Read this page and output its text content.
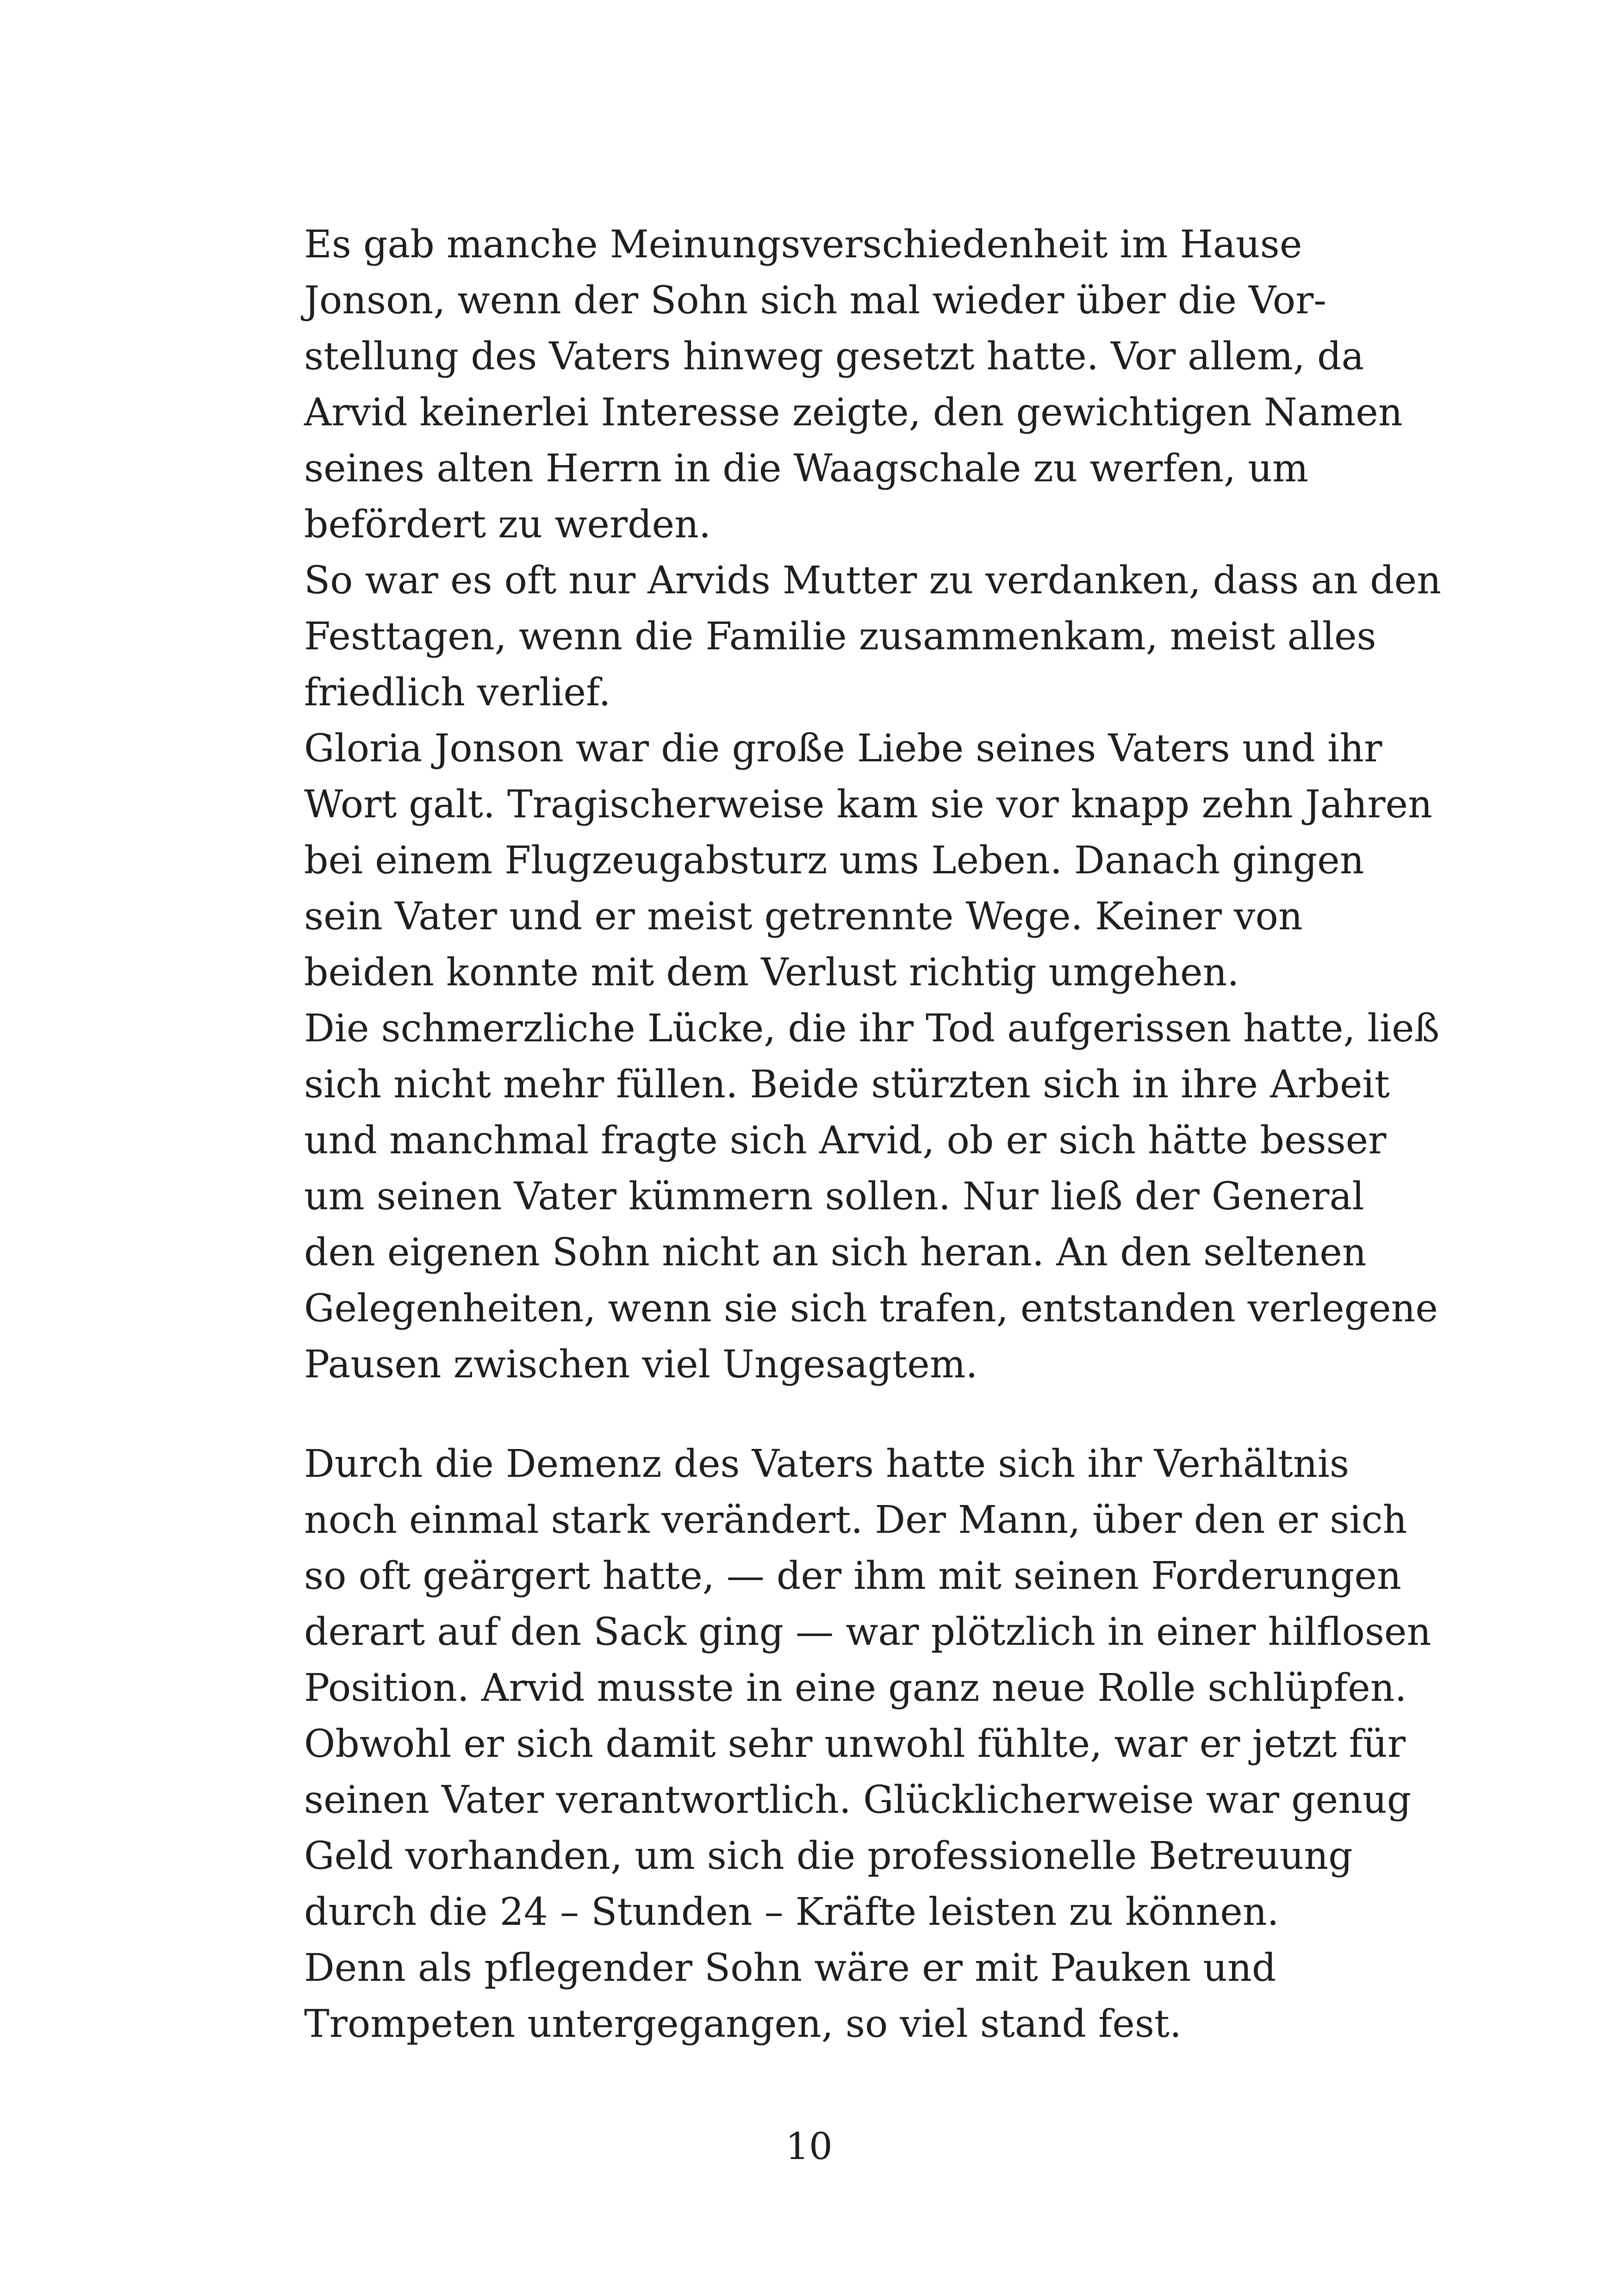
Es gab manche Meinungsverschiedenheit im Hause
Jonson, wenn der Sohn sich mal wieder über die Vor-
stellung des Vaters hinweg gesetzt hatte. Vor allem, da
Arvid keinerlei Interesse zeigte, den gewichtigen Namen
seines alten Herrn in die Waagschale zu werfen, um
befördert zu werden.
So war es oft nur Arvids Mutter zu verdanken, dass an den
Festtagen, wenn die Familie zusammenkam, meist alles
friedlich verlief.
Gloria Jonson war die große Liebe seines Vaters und ihr
Wort galt. Tragischerweise kam sie vor knapp zehn Jahren
bei einem Flugzeugabsturz ums Leben. Danach gingen
sein Vater und er meist getrennte Wege. Keiner von
beiden konnte mit dem Verlust richtig umgehen.
Die schmerzliche Lücke, die ihr Tod aufgerissen hatte, ließ
sich nicht mehr füllen. Beide stürzten sich in ihre Arbeit
und manchmal fragte sich Arvid, ob er sich hätte besser
um seinen Vater kümmern sollen. Nur ließ der General
den eigenen Sohn nicht an sich heran. An den seltenen
Gelegenheiten, wenn sie sich trafen, entstanden verlegene
Pausen zwischen viel Ungesagtem.
Durch die Demenz des Vaters hatte sich ihr Verhältnis
noch einmal stark verändert. Der Mann, über den er sich
so oft geärgert hatte, — der ihm mit seinen Forderungen
derart auf den Sack ging — war plötzlich in einer hilflosen
Position. Arvid musste in eine ganz neue Rolle schlüpfen.
Obwohl er sich damit sehr unwohl fühlte, war er jetzt für
seinen Vater verantwortlich. Glücklicherweise war genug
Geld vorhanden, um sich die professionelle Betreuung
durch die 24 – Stunden – Kräfte leisten zu können.
Denn als pflegender Sohn wäre er mit Pauken und
Trompeten untergegangen, so viel stand fest.
10
